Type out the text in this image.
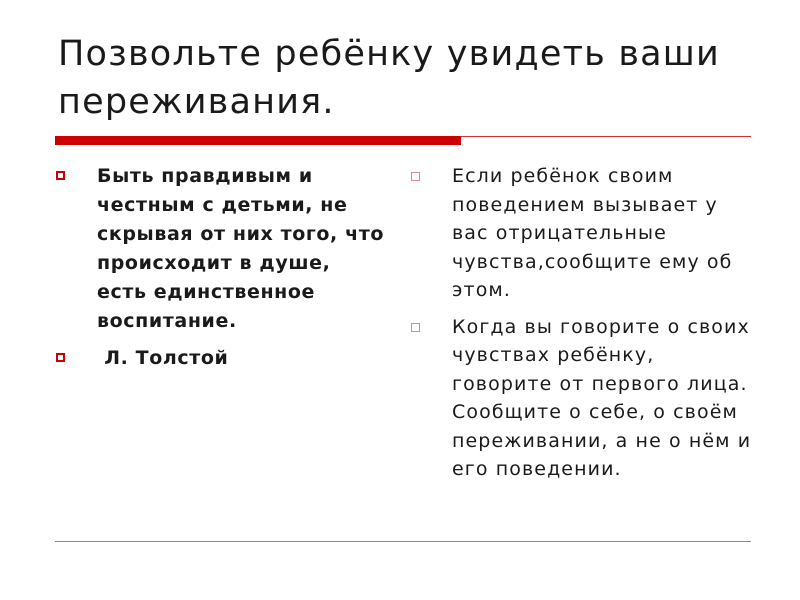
Позвольте ребёнку увидеть ваши переживания.
Быть правдивым и честным с детьми, не скрывая от них того, что происходит в душе, есть единственное воспитание.
Л. Толстой
Если ребёнок своим поведением вызывает у вас отрицательные чувства,сообщите ему об этом.
Когда вы говорите о своих чувствах ребёнку, говорите от первого лица. Сообщите о себе, о своём переживании, а не о нём и его поведении.
